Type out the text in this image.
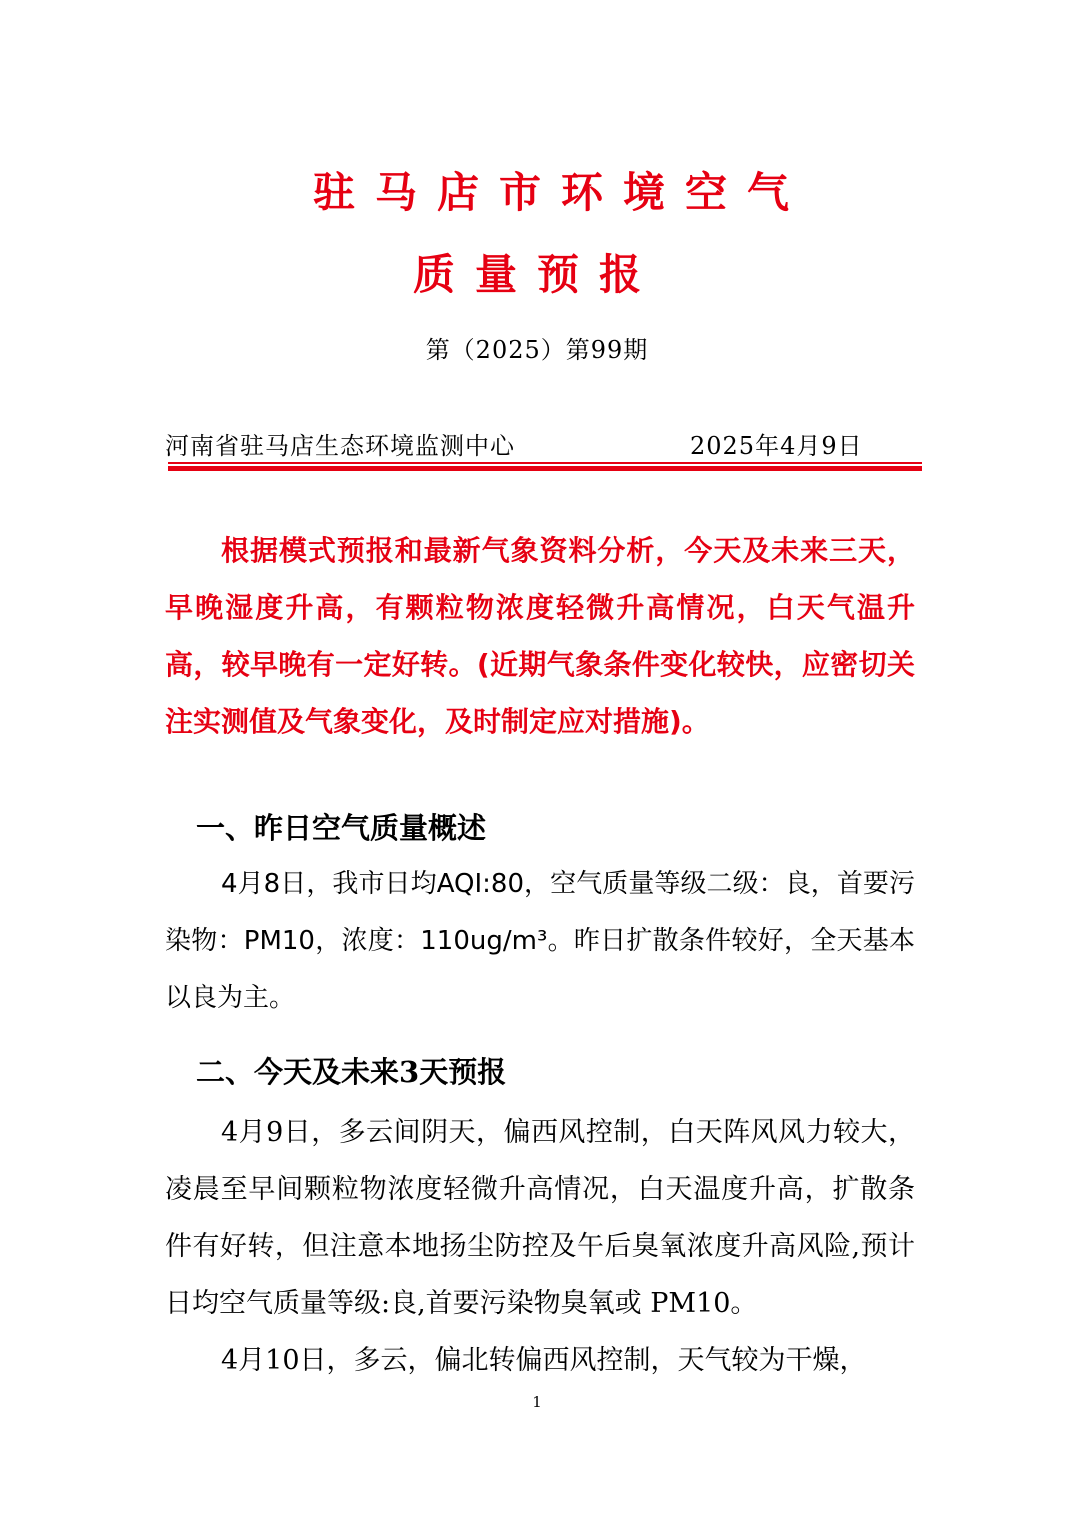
驻马店市环境空气
质量预报
第（2025）第99期
河南省驻马店生态环境监测中心	2025年4月9日

根据模式预报和最新气象资料分析，今天及未来三天，早晚湿度升高，有颗粒物浓度轻微升高情况，白天气温升高，较早晚有一定好转。(近期气象条件变化较快，应密切关注实测值及气象变化，及时制定应对措施)。

一、昨日空气质量概述

4月8日，我市日均AQI:80，空气质量等级二级：良，首要污染物：PM10，浓度：110ug/m³。昨日扩散条件较好，全天基本以良为主。

二、今天及未来3天预报

4月9日，多云间阴天，偏西风控制，白天阵风风力较大，凌晨至早间颗粒物浓度轻微升高情况，白天温度升高，扩散条件有好转，但注意本地扬尘防控及午后臭氧浓度升高风险,预计日均空气质量等级:良,首要污染物臭氧或 PM10。

4月10日，多云，偏北转偏西风控制，天气较为干燥，

1
